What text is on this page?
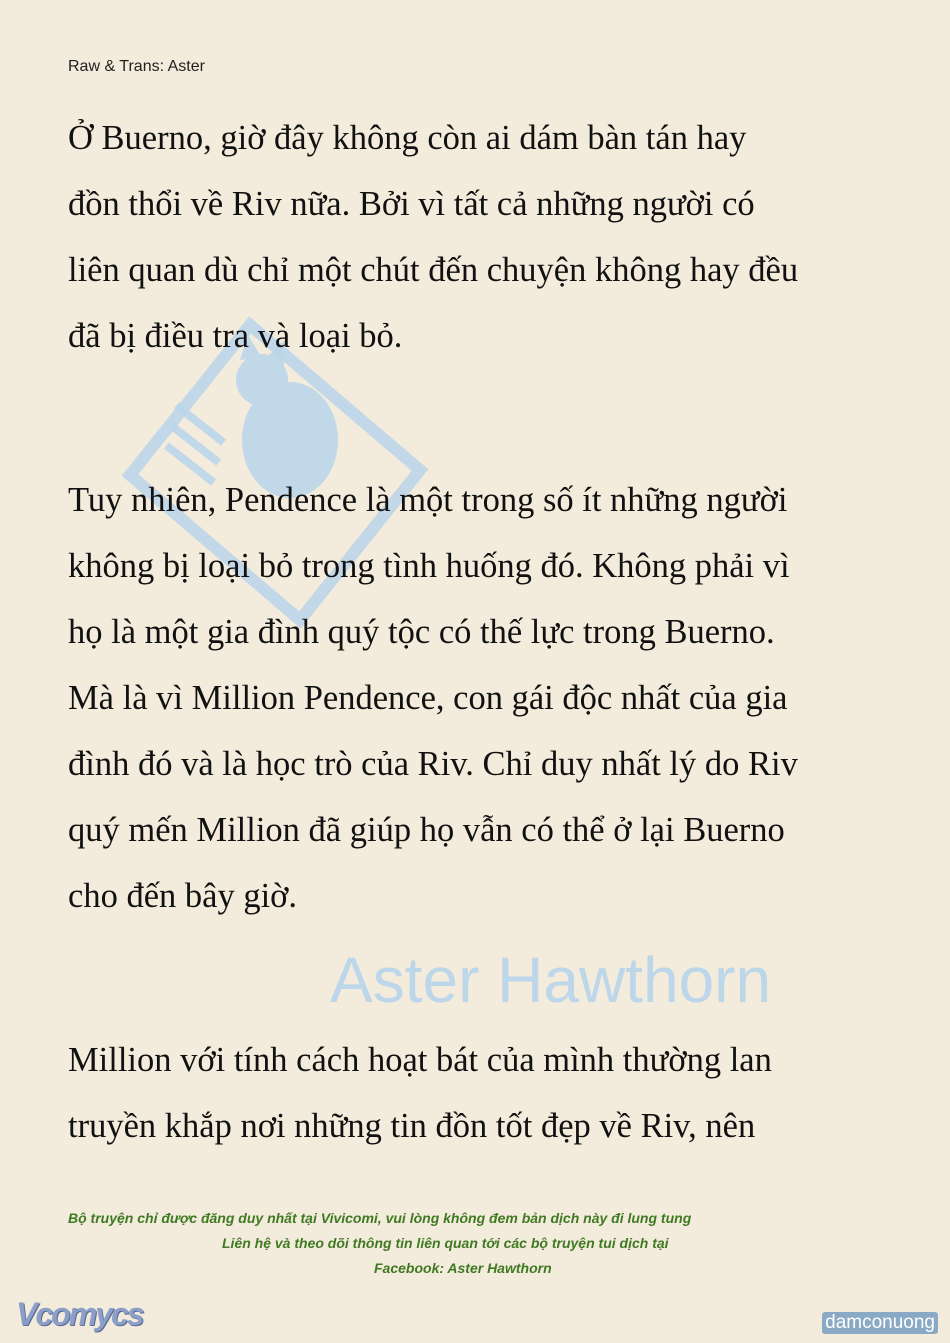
Raw & Trans: Aster
Aster Hawthorn
Ở Buerno, giờ đây không còn ai dám bàn tán hay
đồn thổi về Riv nữa. Bởi vì tất cả những người có
liên quan dù chỉ một chút đến chuyện không hay đều
đã bị điều tra và loại bỏ.
Tuy nhiên, Pendence là một trong số ít những người
không bị loại bỏ trong tình huống đó. Không phải vì
họ là một gia đình quý tộc có thế lực trong Buerno.
Mà là vì Million Pendence, con gái độc nhất của gia
đình đó và là học trò của Riv. Chỉ duy nhất lý do Riv
quý mến Million đã giúp họ vẫn có thể ở lại Buerno
cho đến bây giờ.
Million với tính cách hoạt bát của mình thường lan
truyền khắp nơi những tin đồn tốt đẹp về Riv, nên
Bộ truyện chỉ được đăng duy nhất tại Vivicomi, vui lòng không đem bản dịch này đi lung tung
Liên hệ và theo dõi thông tin liên quan tới các bộ truyện tui dịch tại
Facebook: Aster Hawthorn
Vcomycs	damconuong
